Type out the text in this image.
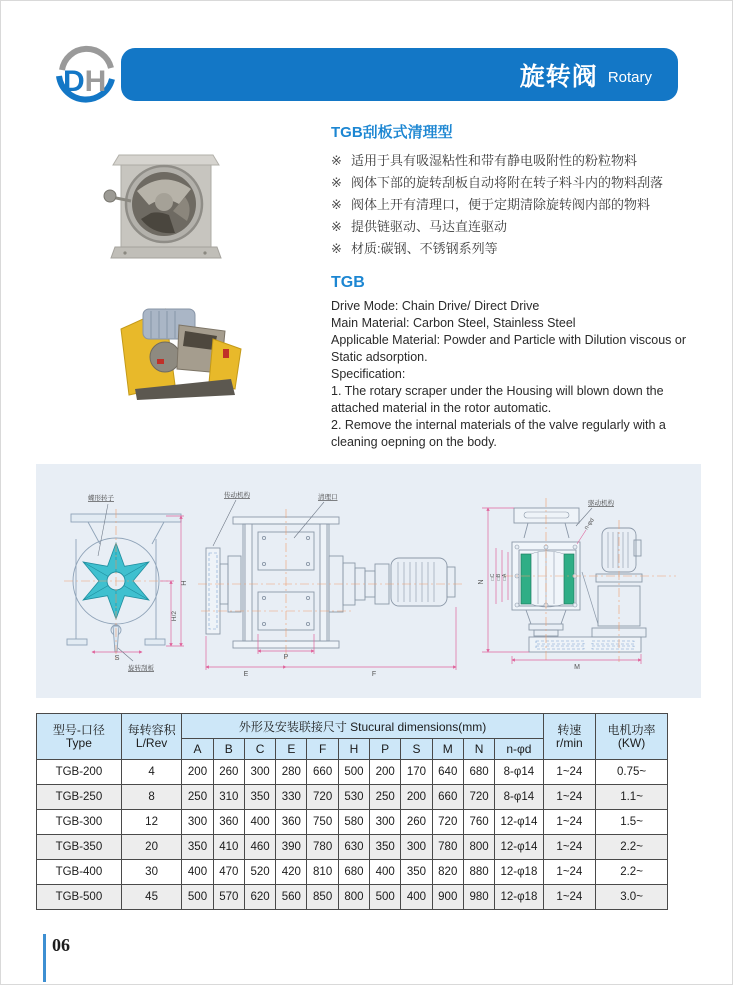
DH	旋转阀 Rotary
TGB刮板式清理型
※ 适用于具有吸湿粘性和带有静电吸附性的粉粒物料
※ 阀体下部的旋转刮板自动将附在转子料斗内的物料刮落
※ 阀体上开有清理口，便于定期清除旋转阀内部的物料
※ 提供链驱动、马达直连驱动
※ 材质:碳钢、不锈钢系列等
TGB
Drive Mode: Chain Drive/ Direct Drive
Main Material: Carbon Steel, Stainless Steel
Applicable Material: Powder and Particle with Dilution viscous or Static adsorption.
Specification:
1. The rotary scraper under the Housing will blown down the attached material in the rotor automatic.
2. Remove the internal materials of the valve regularly with a cleaning oepning on the body.
H
H/2
S
蝶形转子
旋转刮板
P
E	F
传动机构	清理口
N
M
□C □B □A
n-φd
驱动机构
型号-口径
Type

每转容积
L/Rev
	外形及安装联接尺寸 Stucural dimensions(mm)	转速
r/min

电机功率
(KW)

		A	B	C	E	F	H	P	S	M	N	n-φd		
TGB-200	4	200	260	300	280	660	500	200	170	640	680	8-φ14	1~24	0.75~
TGB-250	8	250	310	350	330	720	530	250	200	660	720	8-φ14	1~24	1.1~
TGB-300	12	300	360	400	360	750	580	300	260	720	760	12-φ14	1~24	1.5~
TGB-350	20	350	410	460	390	780	630	350	300	780	800	12-φ14	1~24	2.2~
TGB-400	30	400	470	520	420	810	680	400	350	820	880	12-φ18	1~24	2.2~
TGB-500	45	500	570	620	560	850	800	500	400	900	980	12-φ18	1~24	3.0~
06
